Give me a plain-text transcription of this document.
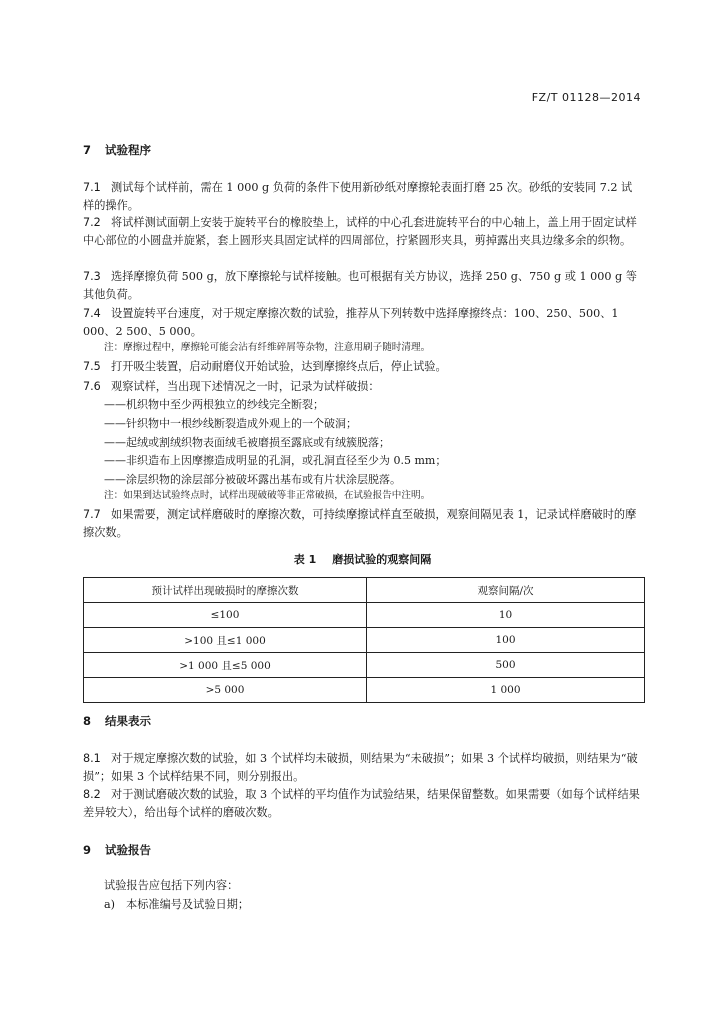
FZ/T 01128—2014
7 试验程序
7.1 测试每个试样前，需在 1 000 g 负荷的条件下使用新砂纸对摩擦轮表面打磨 25 次。砂纸的安装同 7.2 试样的操作。
7.2 将试样测试面朝上安装于旋转平台的橡胶垫上，试样的中心孔套进旋转平台的中心轴上，盖上用于固定试样中心部位的小圆盘并旋紧，套上圆形夹具固定试样的四周部位，拧紧圆形夹具，剪掉露出夹具边缘多余的织物。
7.3 选择摩擦负荷 500 g，放下摩擦轮与试样接触。也可根据有关方协议，选择 250 g、750 g 或 1 000 g 等其他负荷。
7.4 设置旋转平台速度，对于规定摩擦次数的试验，推荐从下列转数中选择摩擦终点：100、250、500、1 000、2 500、5 000。
注：摩擦过程中，摩擦轮可能会沾有纤维碎屑等杂物，注意用刷子随时清理。
7.5 打开吸尘装置，启动耐磨仪开始试验，达到摩擦终点后，停止试验。
7.6 观察试样，当出现下述情况之一时，记录为试样破损：
——机织物中至少两根独立的纱线完全断裂；
——针织物中一根纱线断裂造成外观上的一个破洞；
——起绒或割绒织物表面绒毛被磨损至露底或有绒簇脱落；
——非织造布上因摩擦造成明显的孔洞，或孔洞直径至少为 0.5 mm；
——涂层织物的涂层部分被破坏露出基布或有片状涂层脱落。
注：如果到达试验终点时，试样出现破破等非正常破损，在试验报告中注明。
7.7 如果需要，测定试样磨破时的摩擦次数，可持续摩擦试样直至破损，观察间隔见表 1，记录试样磨破时的摩擦次数。
表 1 磨损试验的观察间隔
预计试样出现破损时的摩擦次数	观察间隔/次
≤100	10
>100 且≤1 000	100
>1 000 且≤5 000	500
>5 000	1 000
8 结果表示
8.1 对于规定摩擦次数的试验，如 3 个试样均未破损，则结果为“未破损”；如果 3 个试样均破损，则结果为“破损”；如果 3 个试样结果不同，则分别报出。
8.2 对于测试磨破次数的试验，取 3 个试样的平均值作为试验结果，结果保留整数。如果需要（如每个试样结果差异较大），给出每个试样的磨破次数。
9 试验报告
试验报告应包括下列内容：
a) 本标准编号及试验日期；
